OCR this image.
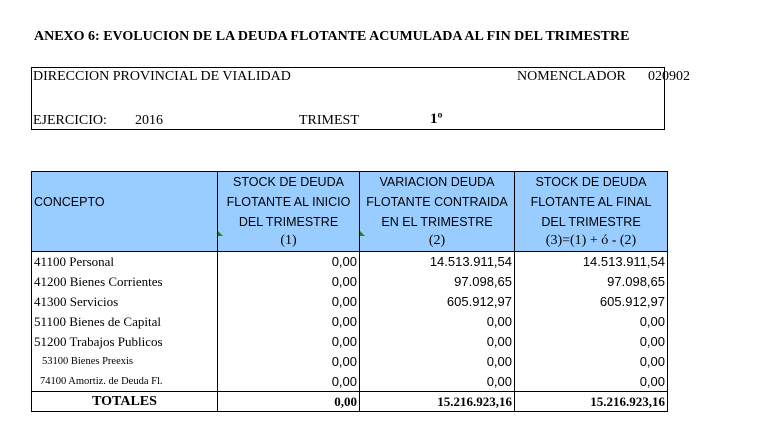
ANEXO 6: EVOLUCION DE LA DEUDA FLOTANTE ACUMULADA AL FIN DEL TRIMESTRE
DIRECCION PROVINCIAL DE VIALIDAD	NOMENCLADOR 020902
EJERCICIO: 2016	TRIMEST	1º
	STOCK DE DEUDA	VARIACION DEUDA	STOCK DE DEUDA
CONCEPTO	FLOTANTE AL INICIO	FLOTANTE CONTRAIDA	FLOTANTE AL FINAL
	DEL TRIMESTRE	EN EL TRIMESTRE	DEL TRIMESTRE
	(1)	(2)	(3)=(1) + ó - (2)
41100 Personal	0,00	14.513.911,54	14.513.911,54
41200 Bienes Corrientes	0,00	97.098,65	97.098,65
41300 Servicios	0,00	605.912,97	605.912,97
51100 Bienes de Capital	0,00	0,00	0,00
51200 Trabajos Publicos	0,00	0,00	0,00
53100 Bienes Preexis	0,00	0,00	0,00
74100 Amortiz. de Deuda Fl.	0,00	0,00	0,00
TOTALES	0,00	15.216.923,16	15.216.923,16
